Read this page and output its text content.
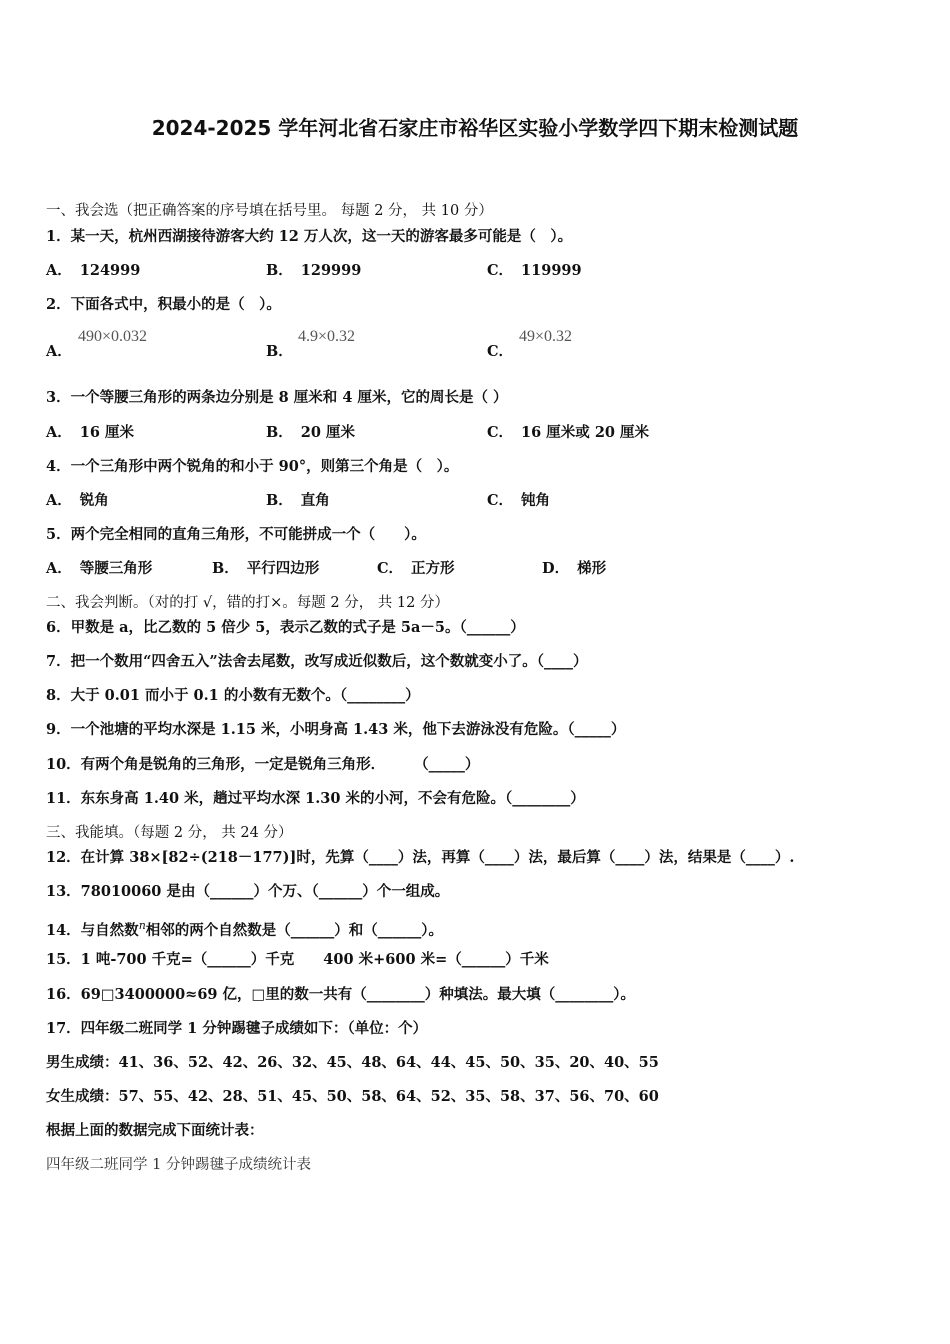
2024-2025 学年河北省石家庄市裕华区实验小学数学四下期末检测试题
一、我会选（把正确答案的序号填在括号里。 每题 2 分， 共 10 分）
1．某一天，杭州西湖接待游客大约 12 万人次，这一天的游客最多可能是（　）。
A． 124999	B． 129999	C． 119999
2．下面各式中，积最小的是（　）。
A．
490×0.032
B．
4.9×0.32
C．
49×0.32
3．一个等腰三角形的两条边分别是 8 厘米和 4 厘米，它的周长是（ ）
A． 16 厘米	B． 20 厘米	C． 16 厘米或 20 厘米
4．一个三角形中两个锐角的和小于 90°，则第三个角是（　）。
A． 锐角	B． 直角	C． 钝角
5．两个完全相同的直角三角形，不可能拼成一个（　　）。
A． 等腰三角形	B． 平行四边形	C． 正方形	D． 梯形
二、我会判断。（对的打 √，错的打×。每题 2 分， 共 12 分）
6．甲数是 a，比乙数的 5 倍少 5，表示乙数的式子是 5a－5。（______）
7．把一个数用“四舍五入”法舍去尾数，改写成近似数后，这个数就变小了。（____）
8．大于 0.01 而小于 0.1 的小数有无数个。（________）
9．一个池塘的平均水深是 1.15 米，小明身高 1.43 米，他下去游泳没有危险。（_____）
10．有两个角是锐角的三角形，一定是锐角三角形．　　　（_____）
11．东东身高 1.40 米，趟过平均水深 1.30 米的小河，不会有危险。（________）
三、我能填。（每题 2 分， 共 24 分）
12．在计算 38×[82÷(218－177)]时，先算（____）法，再算（____）法，最后算（____）法，结果是（____）.
13．78010060 是由（______）个万、（______）个一组成。
14．与自然数$^n$相邻的两个自然数是（______）和（______）。
15．1 吨-700 千克=（______）千克　　400 米+600 米=（______）千米
16．69□3400000≈69 亿，□里的数一共有（________）种填法。最大填（________）。
17．四年级二班同学 1 分钟踢毽子成绩如下：（单位：个）
男生成绩：41、36、52、42、26、32、45、48、64、44、45、50、35、20、40、55
女生成绩：57、55、42、28、51、45、50、58、64、52、35、58、37、56、70、60
根据上面的数据完成下面统计表：
四年级二班同学 1 分钟踢毽子成绩统计表
